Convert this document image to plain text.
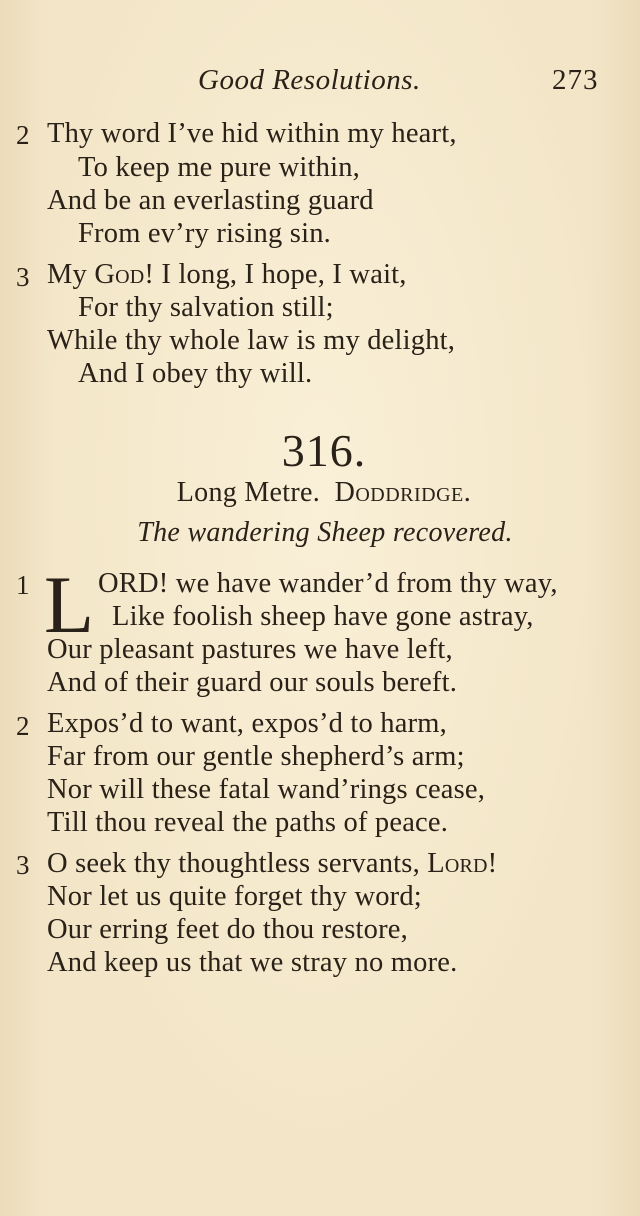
Good Resolutions.	273
2 Thy word I’ve hid within my heart,
To keep me pure within,
And be an everlasting guard
From ev’ry rising sin.
3 My God! I long, I hope, I wait,
For thy salvation still;
While thy whole law is my delight,
And I obey thy will.
316.
Long Metre. Doddridge.
The wandering Sheep recovered.
1 L ORD! we have wander’d from thy way,
Like foolish sheep have gone astray,
Our pleasant pastures we have left,
And of their guard our souls bereft.
2 Expos’d to want, expos’d to harm,
Far from our gentle shepherd’s arm;
Nor will these fatal wand’rings cease,
Till thou reveal the paths of peace.
3 O seek thy thoughtless servants, Lord!
Nor let us quite forget thy word;
Our erring feet do thou restore,
And keep us that we stray no more.
